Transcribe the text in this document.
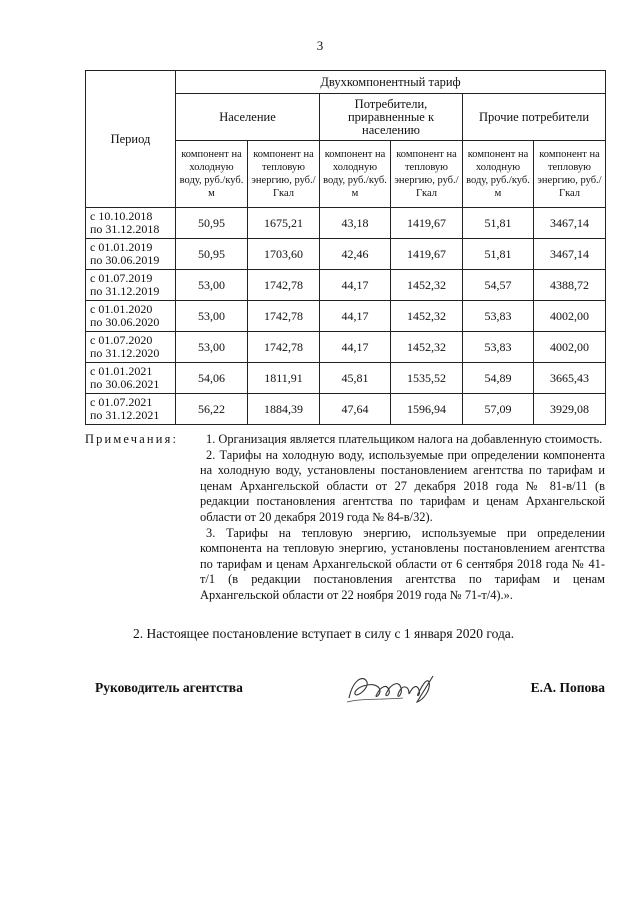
3
Период	Двухкомпонентный тариф					
	Население		Потребители, приравненные к населению		Прочие потребители	
	компонент на холодную воду, руб./куб. м	компонент на тепловую энергию, руб./Гкал	компонент на холодную воду, руб./куб. м	компонент на тепловую энергию, руб./Гкал	компонент на холодную воду, руб./куб. м	компонент на тепловую энергию, руб./Гкал
с 10.10.2018
по 31.12.2018	50,95	1675,21	43,18	1419,67	51,81	3467,14
с 01.01.2019
по 30.06.2019	50,95	1703,60	42,46	1419,67	51,81	3467,14
с 01.07.2019
по 31.12.2019	53,00	1742,78	44,17	1452,32	54,57	4388,72
с 01.01.2020
по 30.06.2020	53,00	1742,78	44,17	1452,32	53,83	4002,00
с 01.07.2020
по 31.12.2020	53,00	1742,78	44,17	1452,32	53,83	4002,00
с 01.01.2021
по 30.06.2021	54,06	1811,91	45,81	1535,52	54,89	3665,43
с 01.07.2021
по 31.12.2021	56,22	1884,39	47,64	1596,94	57,09	3929,08
Примечания:	1. Организация является плательщиком налога на добавленную стоимость.
2. Тарифы на холодную воду, используемые при определении компонента на холодную воду, установлены постановлением агентства по тарифам и ценам Архангельской области от 27 декабря 2018 года № 81-в/11 (в редакции постановления агентства по тарифам и ценам Архангельской области от 20 декабря 2019 года № 84-в/32).
3. Тарифы на тепловую энергию, используемые при определении компонента на тепловую энергию, установлены постановлением агентства по тарифам и ценам Архангельской области от 6 сентября 2018 года № 41-т/1 (в редакции постановления агентства по тарифам и ценам Архангельской области от 22 ноября 2019 года № 71-т/4).».
2. Настоящее постановление вступает в силу с 1 января 2020 года.
Руководитель агентства	Е.А. Попова
